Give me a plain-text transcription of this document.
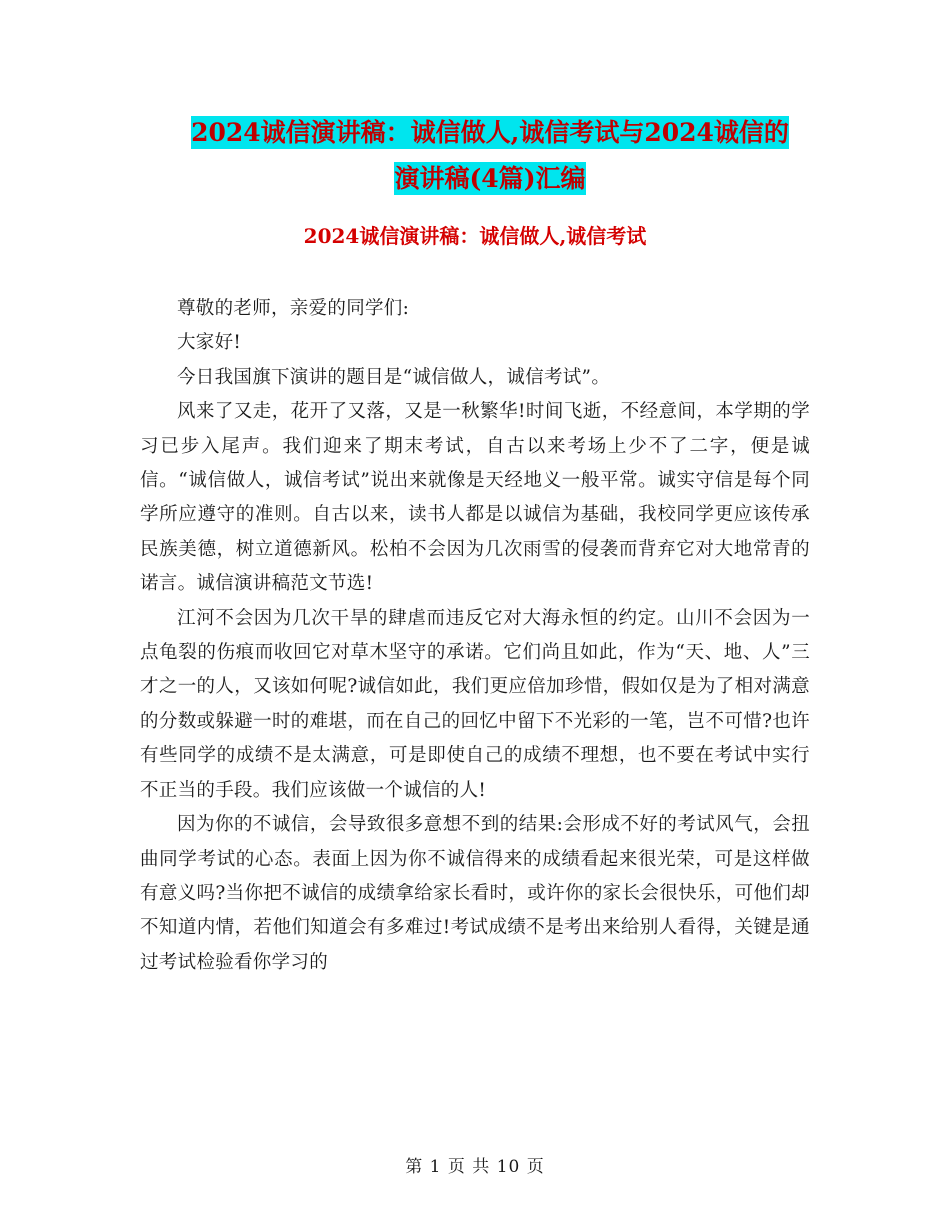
2024诚信演讲稿：诚信做人,诚信考试与2024诚信的
演讲稿(4篇)汇编
2024诚信演讲稿：诚信做人,诚信考试

尊敬的老师，亲爱的同学们:

大家好!

今日我国旗下演讲的题目是“诚信做人，诚信考试”。

风来了又走，花开了又落，又是一秋繁华!时间飞逝，不经意间，本学期的学习已步入尾声。我们迎来了期末考试，自古以来考场上少不了二字，便是诚信。“诚信做人，诚信考试”说出来就像是天经地义一般平常。诚实守信是每个同学所应遵守的准则。自古以来，读书人都是以诚信为基础，我校同学更应该传承民族美德，树立道德新风。松柏不会因为几次雨雪的侵袭而背弃它对大地常青的诺言。诚信演讲稿范文节选!

江河不会因为几次干旱的肆虐而违反它对大海永恒的约定。山川不会因为一点龟裂的伤痕而收回它对草木坚守的承诺。它们尚且如此，作为“天、地、人”三才之一的人，又该如何呢?诚信如此，我们更应倍加珍惜，假如仅是为了相对满意的分数或躲避一时的难堪，而在自己的回忆中留下不光彩的一笔，岂不可惜?也许有些同学的成绩不是太满意，可是即使自己的成绩不理想，也不要在考试中实行不正当的手段。我们应该做一个诚信的人!

因为你的不诚信，会导致很多意想不到的结果:会形成不好的考试风气，会扭曲同学考试的心态。表面上因为你不诚信得来的成绩看起来很光荣，可是这样做有意义吗?当你把不诚信的成绩拿给家长看时，或许你的家长会很快乐，可他们却不知道内情，若他们知道会有多难过!考试成绩不是考出来给别人看得，关键是通过考试检验看你学习的

第 1 页 共 10 页
